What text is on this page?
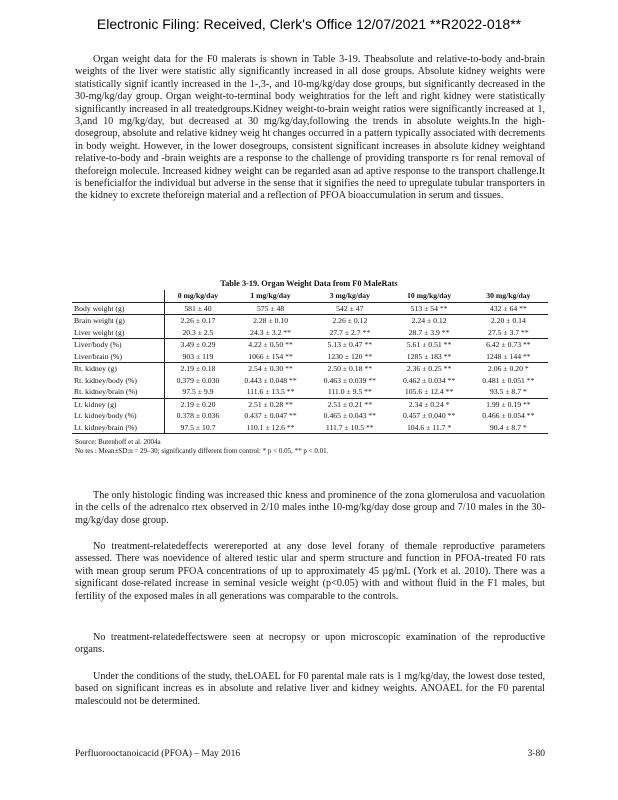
Electronic Filing: Received, Clerk's Office 12/07/2021 **R2022-018**

Organ weight data for the F0 malerats is shown in Table 3-19. Theabsolute and relative-to-body and-brain weights of the liver were statistic ally significantly increased in all dose groups. Absolute kidney weights were statistically signif icantly increased in the 1-,3-, and 10-mg/kg/day dose groups, but significantly decreased in the 30-mg/kg/day group. Organ weight-to-terminal body weightratios for the left and right kidney were statistically significantly increased in all treatedgroups.Kidney weight-to-brain weight ratios were significantly increased at 1, 3,and 10 mg/kg/day, but decreased at 30 mg/kg/day,following the trends in absolute weights.In the high-dosegroup, absolute and relative kidney weig ht changes occurred in a pattern typically associated with decrements in body weight. However, in the lower dosegroups, consistent significant increases in absolute kidney weightand relative-to-body and -brain weights are a response to the challenge of providing transporte rs for renal removal of theforeign molecule. Increased kidney weight can be regarded asan ad aptive response to the transport challenge.It is beneficialfor the individual but adverse in the sense that it signifies the need to upregulate tubular transporters in the kidney to excrete theforeign material and a reflection of PFOA bioaccumulation in serum and tissues.

Table 3-19. Organ Weight Data from F0 MaleRats
	0 mg/kg/day	1 mg/kg/day	3 mg/kg/day	10 mg/kg/day	30 mg/kg/day
Body weight (g)	581 ± 40	575 ± 48	542 ± 47	513 ± 54 **	432 ± 64 **
Brain weight (g)	2.26 ± 0.17	2.28 ± 0.10	2.26 ± 0.12	2.24 ± 0.12	2.20 ± 0.14
Liver weight (g)	20.3 ± 2.5	24.3 ± 3.2 **	27.7 ± 2.7 **	28.7 ± 3.9 **	27.5 ± 3.7 **
Liver/body (%)	3.49 ± 0.29	4.22 ± 0.50 **	5.13 ± 0.47 **	5.61 ± 0.51 **	6.42 ± 0.73 **
Liver/brain (%)	903 ± 119	1066 ± 154 **	1230 ± 120 **	1285 ± 183 **	1248 ± 144 **
Rt. kidney (g)	2.19 ± 0.18	2.54 ± 0.30 **	2.50 ± 0.18 **	2.36 ± 0.25 **	2.06 ± 0.20 *
Rt. kidney/body (%)	0.379 ± 0.030	0.443 ± 0.048 **	0.463 ± 0.039 **	0.462 ± 0.034 **	0.481 ± 0.051 **
Rt. kidney/brain (%)	97.5 ± 9.9	111.6 ± 13.5 **	111.0 ± 9.5 **	105.6 ± 12.4 **	93.5 ± 8.7 *
Lt. kidney (g)	2.19 ± 0.20	2.51 ± 0.28 **	2.51 ± 0.21 **	2.34 ± 0.24 *	1.99 ± 0.19 **
Lt. kidney/body (%)	0.378 ± 0.036	0.437 ± 0.047 **	0.465 ± 0.043 **	0.457 ± 0.040 **	0.466 ± 0.054 **
Lt. kidney/brain (%)	97.5 ± 10.7	110.1 ± 12.6 **	111.7 ± 10.5 **	104.6 ± 11.7 *	90.4 ± 8.7 *
Source: Butenhoff et al. 2004a
No tes : Mean±SD;n = 29–30; significantly different from control: * p < 0.05, ** p < 0.01.

The only histologic finding was increased thic kness and prominence of the zona glomerulosa and vacuolation in the cells of the adrenalco rtex observed in 2/10 males inthe 10-mg/kg/day dose group and 7/10 males in the 30-mg/kg/day dose group.

No treatment-relatedeffects werereported at any dose level forany of themale reproductive parameters assessed. There was noevidence of altered testic ular and sperm structure and function in PFOA-treated F0 rats with mean group serum PFOA concentrations of up to approximately 45 µg/mL (York et al. 2010). There was a significant dose-related increase in seminal vesicle weight (p<0.05) with and without fluid in the F1 males, but fertility of the exposed males in all generations was comparable to the controls.

No treatment-relatedeffectswere seen at necropsy or upon microscopic examination of the reproductive organs.

Under the conditions of the study, theLOAEL for F0 parental male rats is 1 mg/kg/day, the lowest dose tested, based on significant increas es in absolute and relative liver and kidney weights. ANOAEL for the F0 parental malescould not be determined.

Perfluorooctanoicacid (PFOA) – May 2016	3-80
